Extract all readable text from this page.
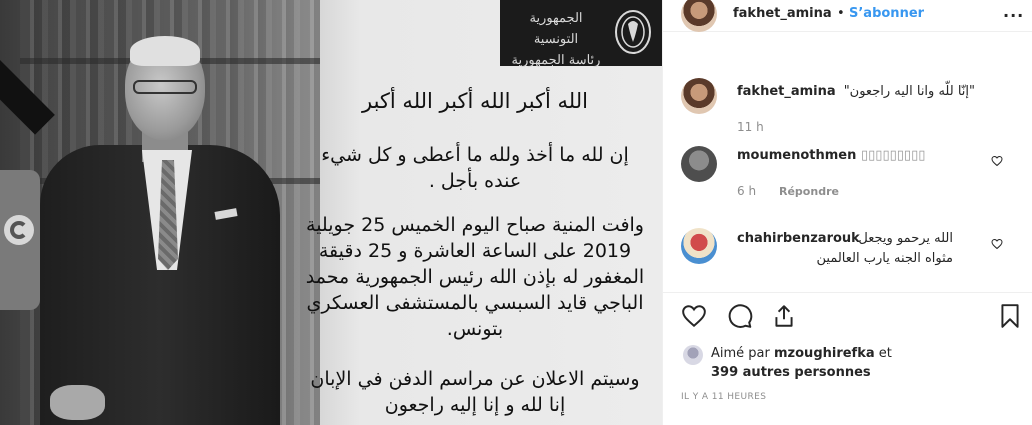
الجمهورية التونسية
رئاسة الجمهورية
الله أكبر الله أكبر الله أكبر
إن لله ما أخذ ولله ما أعطى و كل شيء عنده بأجل .
وافت المنية صباح اليوم الخميس 25 جويلية 2019 على الساعة العاشرة و 25 دقيقة المغفور له بإذن الله رئيس الجمهورية محمد الباجي قايد السبسي بالمستشفى العسكري بتونس.
وسيتم الاعلان عن مراسم الدفن في الإبان إنا لله و إنا إليه راجعون
fakhet_amina • S’abonner	···
fakhet_amina "إنّا للّه وانا اليه راجعون"
11 h
moumenothmen ▯▯▯▯▯▯▯▯▯
6 h Répondre
chahirbenzarouk
الله يرحمو ويجعل
مثواه الجنه يارب العالمين
Aimé par mzoughirefka et
399 autres personnes
IL Y A 11 HEURES
